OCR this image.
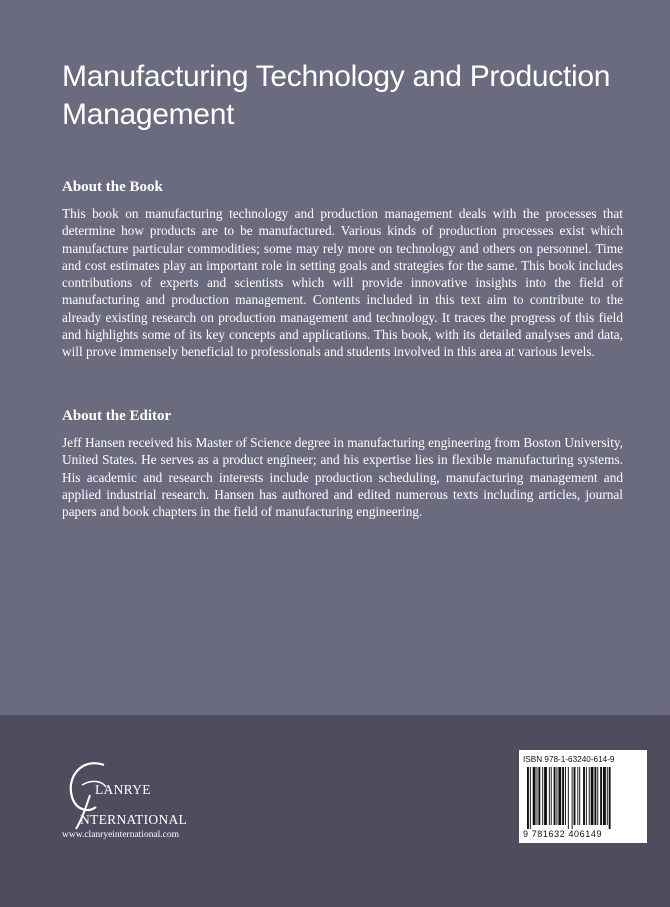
Manufacturing Technology and Production Management
About the Book

This book on manufacturing technology and production management deals with the processes that determine how products are to be manufactured. Various kinds of production processes exist which manufacture particular commodities; some may rely more on technology and others on personnel. Time and cost estimates play an important role in setting goals and strategies for the same. This book includes contributions of experts and scientists which will provide innovative insights into the field of manufacturing and production management. Contents included in this text aim to contribute to the already existing research on production management and technology. It traces the progress of this field and highlights some of its key concepts and applications. This book, with its detailed analyses and data, will prove immensely beneficial to professionals and students involved in this area at various levels.

About the Editor

Jeff Hansen received his Master of Science degree in manufacturing engineering from Boston University, United States. He serves as a product engineer; and his expertise lies in flexible manufacturing systems. His academic and research interests include production scheduling, manufacturing management and applied industrial research. Hansen has authored and edited numerous texts including articles, journal papers and book chapters in the field of manufacturing engineering.

LANRYE
NTERNATIONAL
www.clanryeinternational.com
ISBN 978-1-63240-614-9
9 781632 406149
